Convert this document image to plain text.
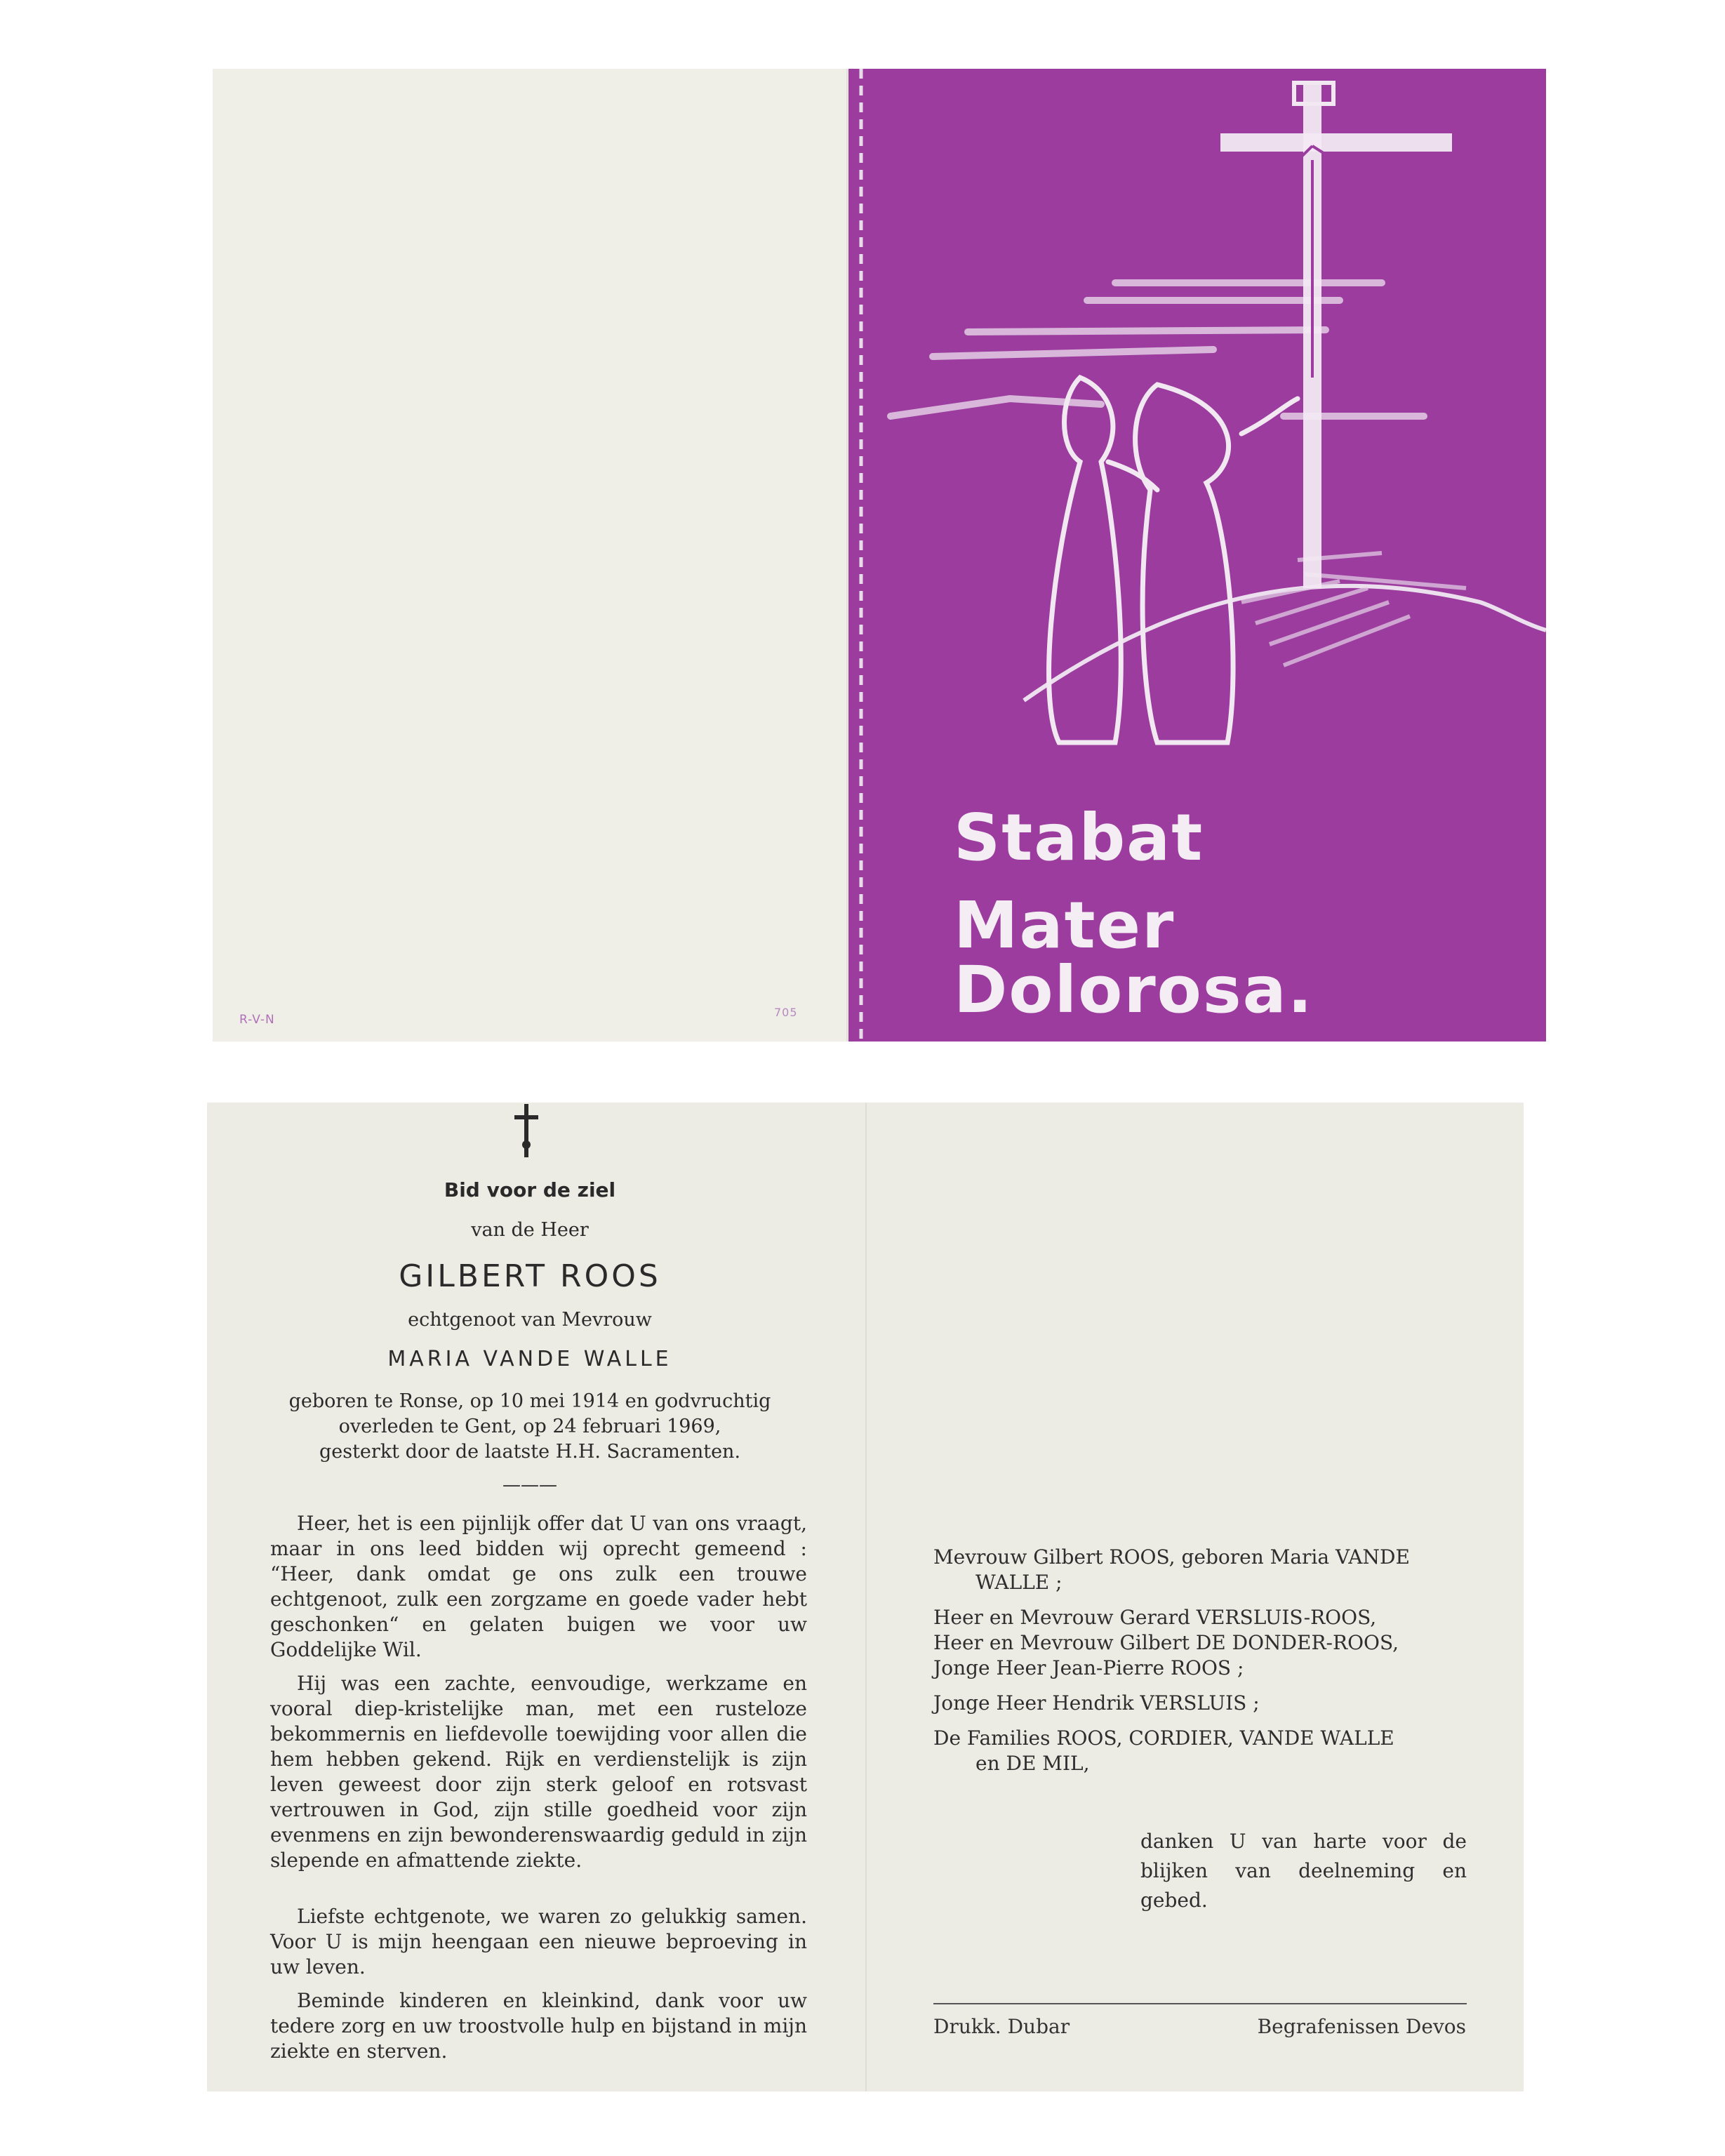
R-V-N
705
Stabat
Mater Dolorosa.
Bid voor de ziel
van de Heer
GILBERT ROOS
echtgenoot van Mevrouw
MARIA VANDE WALLE
geboren te Ronse, op 10 mei 1914 en godvruchtig
overleden te Gent, op 24 februari 1969,
gesterkt door de laatste H.H. Sacramenten.
———

Heer, het is een pijnlijk offer dat U van ons vraagt, maar in ons leed bidden wij oprecht gemeend : “Heer, dank omdat ge ons zulk een trouwe echtgenoot, zulk een zorgzame en goede vader hebt geschonken“ en gelaten buigen we voor uw Goddelijke Wil.

Hij was een zachte, eenvoudige, werkzame en vooral diep-kristelijke man, met een rusteloze bekommernis en liefdevolle toewijding voor allen die hem hebben gekend. Rijk en verdienstelijk is zijn leven geweest door zijn sterk geloof en rotsvast vertrouwen in God, zijn stille goedheid voor zijn evenmens en zijn bewonderenswaardig geduld in zijn slepende en afmattende ziekte.

Liefste echtgenote, we waren zo gelukkig samen. Voor U is mijn heengaan een nieuwe beproeving in uw leven.

Beminde kinderen en kleinkind, dank voor uw tedere zorg en uw troostvolle hulp en bijstand in mijn ziekte en sterven.

Mevrouw Gilbert ROOS, geboren Maria VANDE
WALLE ;
Heer en Mevrouw Gerard VERSLUIS-ROOS,
Heer en Mevrouw Gilbert DE DONDER-ROOS,
Jonge Heer Jean-Pierre ROOS ;
Jonge Heer Hendrik VERSLUIS ;
De Families ROOS, CORDIER, VANDE WALLE
en DE MIL,

danken U van harte voor de blijken van deelneming en gebed.

Drukk. Dubar	Begrafenissen Devos
